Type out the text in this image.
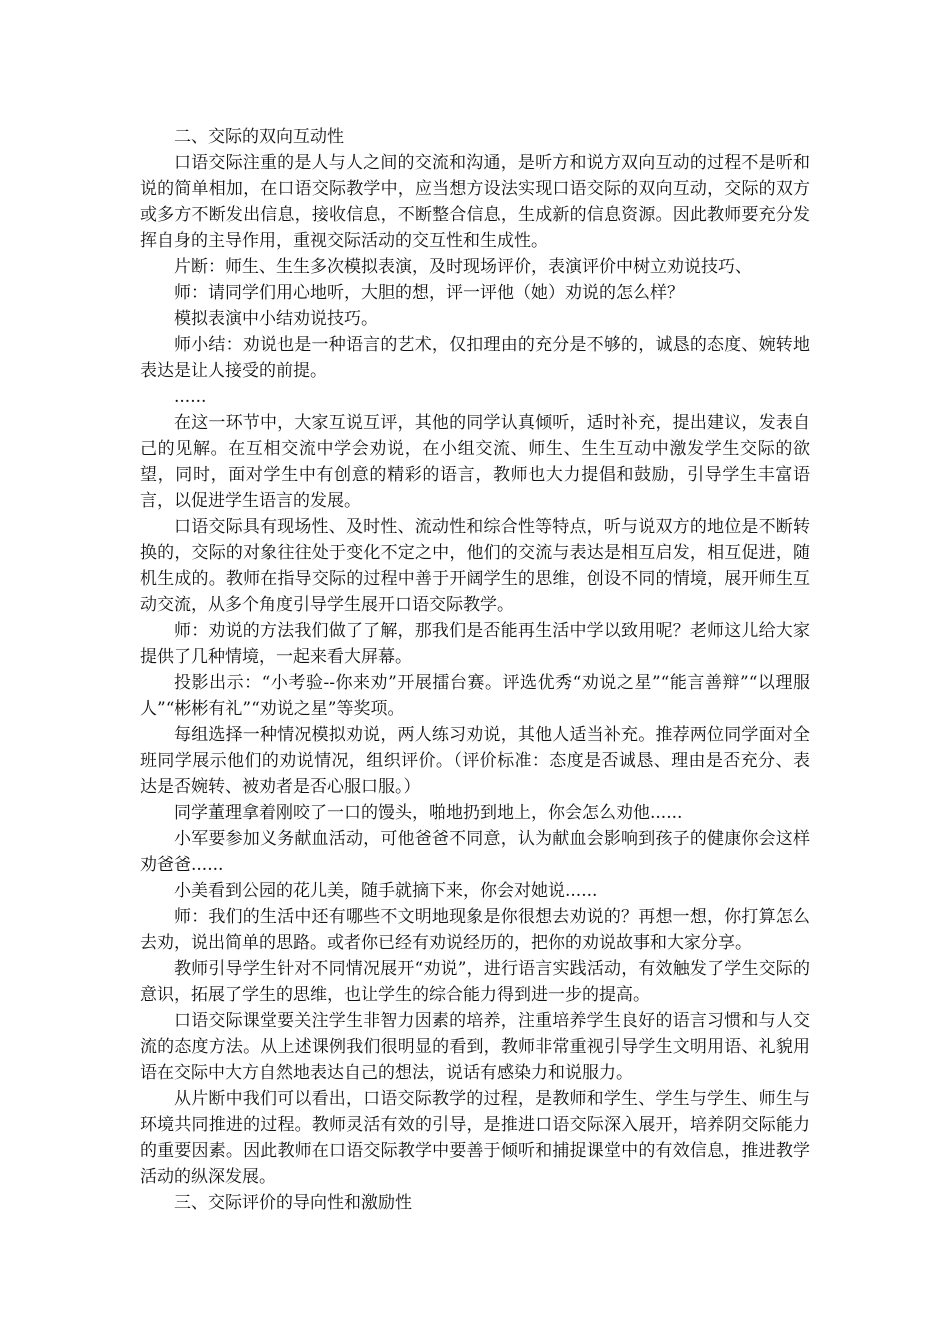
二、交际的双向互动性

口语交际注重的是人与人之间的交流和沟通，是听方和说方双向互动的过程不是听和说的简单相加，在口语交际教学中，应当想方设法实现口语交际的双向互动，交际的双方或多方不断发出信息，接收信息，不断整合信息，生成新的信息资源。因此教师要充分发挥自身的主导作用，重视交际活动的交互性和生成性。

片断：师生、生生多次模拟表演，及时现场评价，表演评价中树立劝说技巧、

师：请同学们用心地听，大胆的想，评一评他（她）劝说的怎么样？

模拟表演中小结劝说技巧。

师小结：劝说也是一种语言的艺术，仅扣理由的充分是不够的，诚恳的态度、婉转地表达是让人接受的前提。

......

在这一环节中，大家互说互评，其他的同学认真倾听，适时补充，提出建议，发表自己的见解。在互相交流中学会劝说，在小组交流、师生、生生互动中激发学生交际的欲望，同时，面对学生中有创意的精彩的语言，教师也大力提倡和鼓励，引导学生丰富语言，以促进学生语言的发展。

口语交际具有现场性、及时性、流动性和综合性等特点，听与说双方的地位是不断转换的，交际的对象往往处于变化不定之中，他们的交流与表达是相互启发，相互促进，随机生成的。教师在指导交际的过程中善于开阔学生的思维，创设不同的情境，展开师生互动交流，从多个角度引导学生展开口语交际教学。

师：劝说的方法我们做了了解，那我们是否能再生活中学以致用呢？老师这儿给大家提供了几种情境，一起来看大屏幕。

投影出示：“小考验--你来劝”开展擂台赛。评选优秀“劝说之星”“能言善辩”“以理服人”“彬彬有礼”“劝说之星”等奖项。

每组选择一种情况模拟劝说，两人练习劝说，其他人适当补充。推荐两位同学面对全班同学展示他们的劝说情况，组织评价。（评价标准：态度是否诚恳、理由是否充分、表达是否婉转、被劝者是否心服口服。）

同学董理拿着刚咬了一口的馒头，啪地扔到地上，你会怎么劝他......

小军要参加义务献血活动，可他爸爸不同意，认为献血会影响到孩子的健康你会这样劝爸爸......

小美看到公园的花儿美，随手就摘下来，你会对她说......

师：我们的生活中还有哪些不文明地现象是你很想去劝说的？再想一想，你打算怎么去劝，说出简单的思路。或者你已经有劝说经历的，把你的劝说故事和大家分享。

教师引导学生针对不同情况展开“劝说”，进行语言实践活动，有效触发了学生交际的意识，拓展了学生的思维，也让学生的综合能力得到进一步的提高。

口语交际课堂要关注学生非智力因素的培养，注重培养学生良好的语言习惯和与人交流的态度方法。从上述课例我们很明显的看到，教师非常重视引导学生文明用语、礼貌用语在交际中大方自然地表达自己的想法，说话有感染力和说服力。

从片断中我们可以看出，口语交际教学的过程，是教师和学生、学生与学生、师生与环境共同推进的过程。教师灵活有效的引导，是推进口语交际深入展开，培养阴交际能力的重要因素。因此教师在口语交际教学中要善于倾听和捕捉课堂中的有效信息，推进教学活动的纵深发展。

三、交际评价的导向性和激励性
